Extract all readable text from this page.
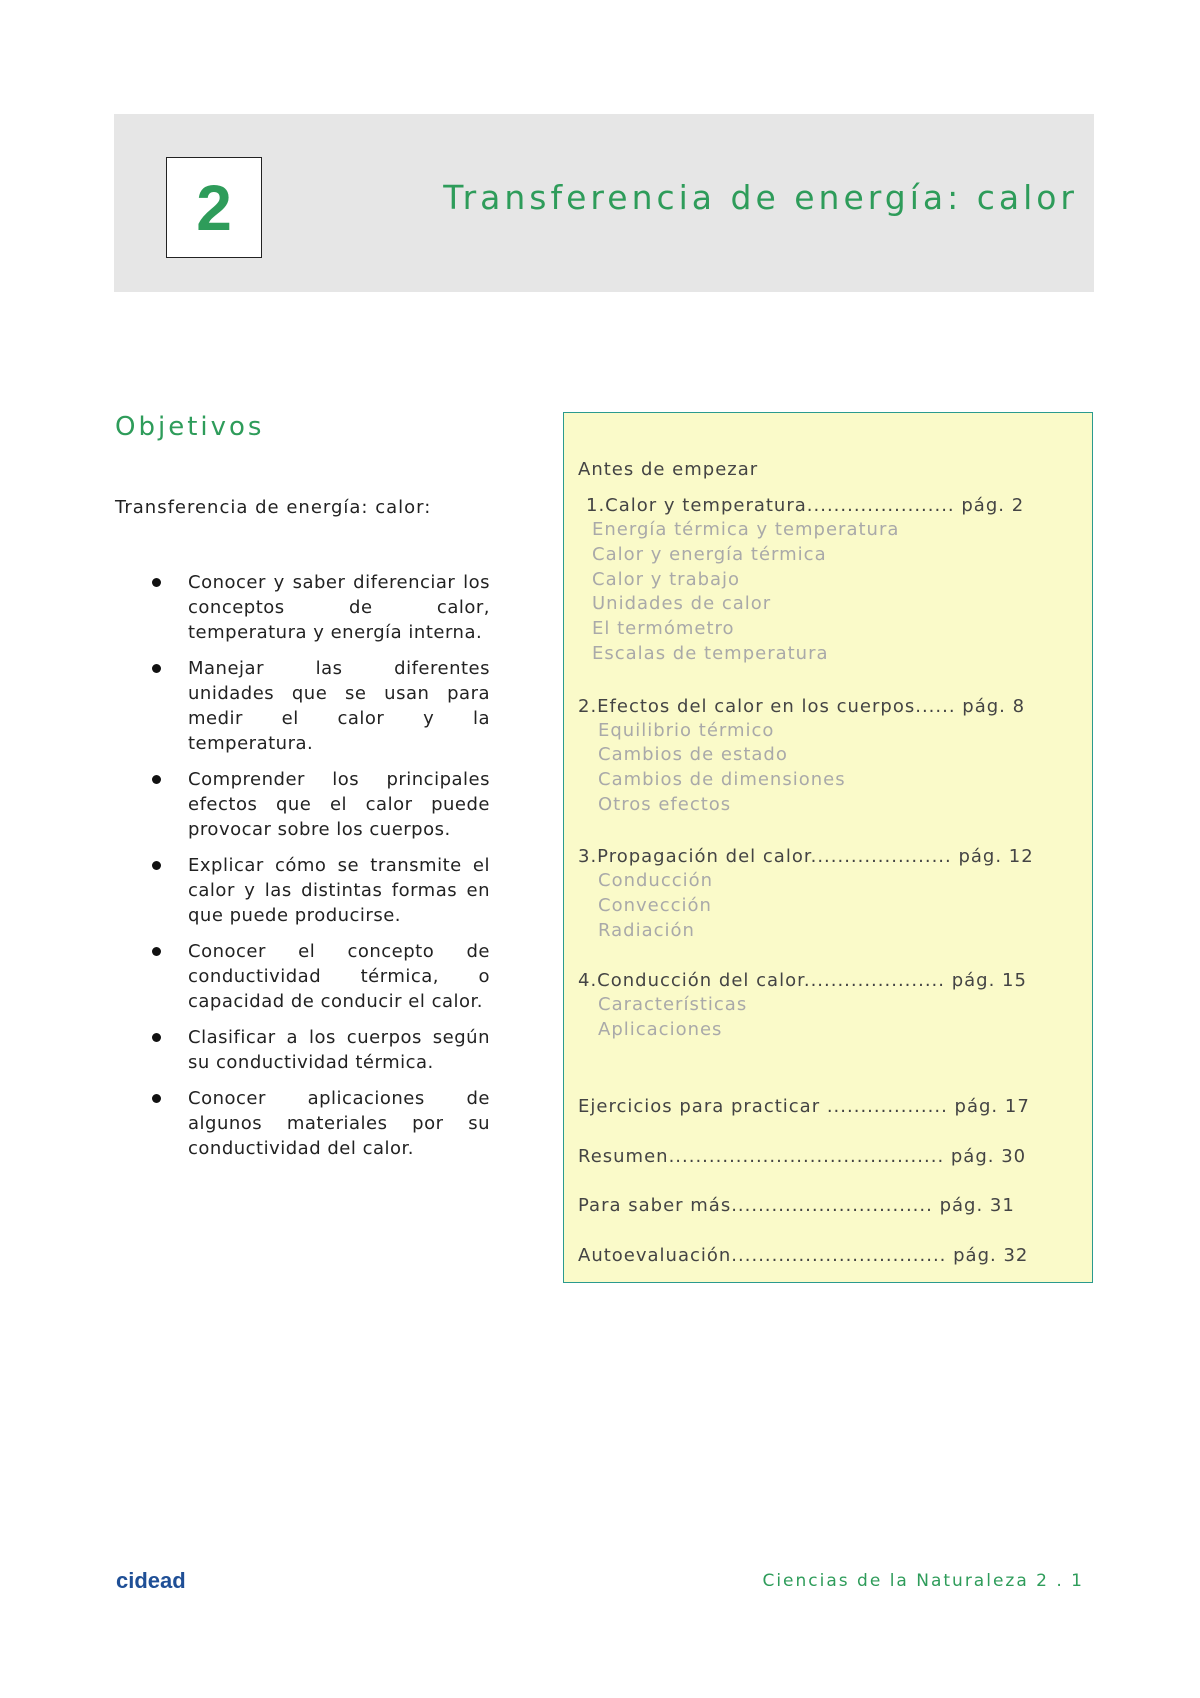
2	Transferencia de energía: calor
Objetivos
Transferencia de energía: calor:
Conocer y saber diferenciar los conceptos de calor, temperatura y energía interna.
Manejar las diferentes unidades que se usan para medir el calor y la temperatura.
Comprender los principales efectos que el calor puede provocar sobre los cuerpos.
Explicar cómo se transmite el calor y las distintas formas en que puede producirse.
Conocer el concepto de conductividad térmica, o capacidad de conducir el calor.
Clasificar a los cuerpos según su conductividad térmica.
Conocer aplicaciones de algunos materiales por su conductividad del calor.
Antes de empezar
1.Calor y temperatura...................... pág. 2
Energía térmica y temperatura
Calor y energía térmica
Calor y trabajo
Unidades de calor
El termómetro
Escalas de temperatura
2.Efectos del calor en los cuerpos...... pág. 8
Equilibrio térmico
Cambios de estado
Cambios de dimensiones
Otros efectos
3.Propagación del calor..................... pág. 12
Conducción
Convección
Radiación
4.Conducción del calor..................... pág. 15
Características
Aplicaciones
Ejercicios para practicar .................. pág. 17
Resumen......................................... pág. 30
Para saber más.............................. pág. 31
Autoevaluación................................ pág. 32
cidead	Ciencias de la Naturaleza 2 . 1
